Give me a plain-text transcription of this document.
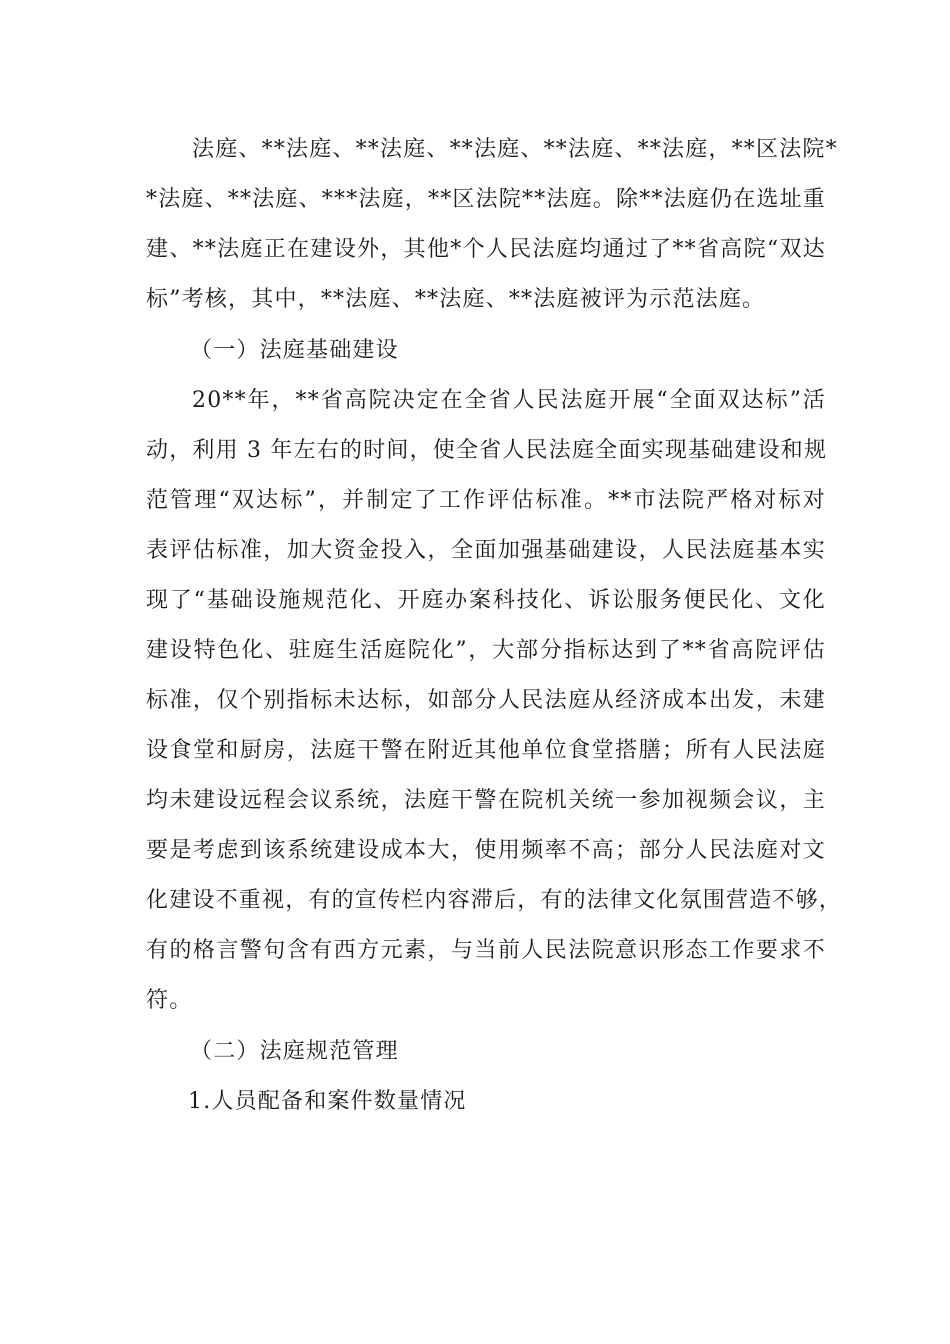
法庭、**法庭、**法庭、**法庭、**法庭、**法庭，**区法院*
*法庭、**法庭、***法庭，**区法院**法庭。除**法庭仍在选址重
建、**法庭正在建设外，其他*个人民法庭均通过了**省高院“双达
标”考核，其中，**法庭、**法庭、**法庭被评为示范法庭。
（一）法庭基础建设
20**年，**省高院决定在全省人民法庭开展“全面双达标”活
动，利用 3 年左右的时间，使全省人民法庭全面实现基础建设和规
范管理“双达标”，并制定了工作评估标准。**市法院严格对标对
表评估标准，加大资金投入，全面加强基础建设，人民法庭基本实
现了“基础设施规范化、开庭办案科技化、诉讼服务便民化、文化
建设特色化、驻庭生活庭院化”，大部分指标达到了**省高院评估
标准，仅个别指标未达标，如部分人民法庭从经济成本出发，未建
设食堂和厨房，法庭干警在附近其他单位食堂搭膳；所有人民法庭
均未建设远程会议系统，法庭干警在院机关统一参加视频会议，主
要是考虑到该系统建设成本大，使用频率不高；部分人民法庭对文
化建设不重视，有的宣传栏内容滞后，有的法律文化氛围营造不够，
有的格言警句含有西方元素，与当前人民法院意识形态工作要求不
符。
（二）法庭规范管理
1.人员配备和案件数量情况
